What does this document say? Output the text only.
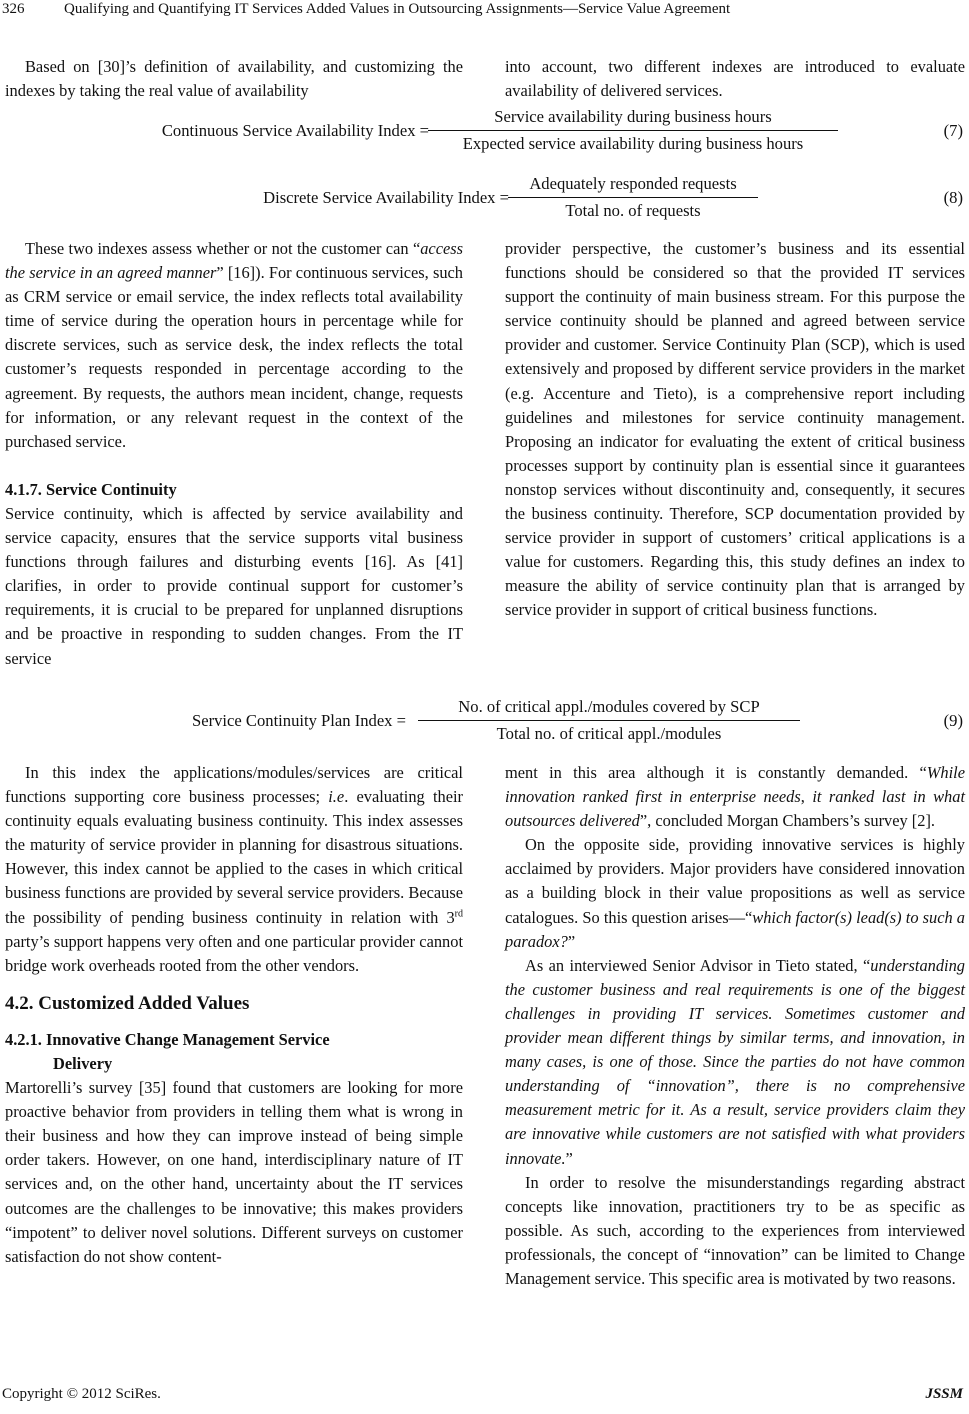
326	Qualifying and Quantifying IT Services Added Values in Outsourcing Assignments—Service Value Agreement

Based on [30]’s definition of availability, and customizing the indexes by taking the real value of availability

into account, two different indexes are introduced to evaluate availability of delivered services.

Continuous Service Availability Index =
Service availability during business hours
Expected service availability during business hours
(7)
Discrete Service Availability Index =
Adequately responded requests
Total no. of requests
(8)

These two indexes assess whether or not the customer can “access the service in an agreed manner” [16]). For continuous services, such as CRM service or email service, the index reflects total availability time of service during the operation hours in percentage while for discrete services, such as service desk, the index reflects the total customer’s requests responded in percentage according to the agreement. By requests, the authors mean incident, change, requests for information, or any relevant request in the context of the purchased service.

4.1.7. Service Continuity

Service continuity, which is affected by service availability and service capacity, ensures that the service supports vital business functions through failures and disturbing events [16]. As [41] clarifies, in order to provide continual support for customer’s requirements, it is crucial to be prepared for unplanned disruptions and be proactive in responding to sudden changes. From the IT service

provider perspective, the customer’s business and its essential functions should be considered so that the provided IT services support the continuity of main business stream. For this purpose the service continuity should be planned and agreed between service provider and customer. Service Continuity Plan (SCP), which is used extensively and proposed by different service providers in the market (e.g. Accenture and Tieto), is a comprehensive report including guidelines and milestones for service continuity management. Proposing an indicator for evaluating the extent of critical business processes support by continuity plan is essential since it guarantees nonstop services without discontinuity and, consequently, it secures the business continuity. Therefore, SCP documentation provided by service provider in support of customers’ critical applications is a value for customers. Regarding this, this study defines an index to measure the ability of service continuity plan that is arranged by service provider in support of critical business functions.

Service Continuity Plan Index =
No. of critical appl./modules covered by SCP
Total no. of critical appl./modules
(9)

In this index the applications/modules/services are critical functions supporting core business processes; i.e. evaluating their continuity equals evaluating business continuity. This index assesses the maturity of service provider in planning for disastrous situations. However, this index cannot be applied to the cases in which critical business functions are provided by several service providers. Because the possibility of pending business continuity in relation with 3rd party’s support happens very often and one particular provider cannot bridge work overheads rooted from the other vendors.

4.2. Customized Added Values

4.2.1. Innovative Change Management Service

Delivery

Martorelli’s survey [35] found that customers are looking for more proactive behavior from providers in telling them what is wrong in their business and how they can improve instead of being simple order takers. However, on one hand, interdisciplinary nature of IT services and, on the other hand, uncertainty about the IT services outcomes are the challenges to be innovative; this makes providers “impotent” to deliver novel solutions. Different surveys on customer satisfaction do not show content-

ment in this area although it is constantly demanded. “While innovation ranked first in enterprise needs, it ranked last in what outsources delivered”, concluded Morgan Chambers’s survey [2].

On the opposite side, providing innovative services is highly acclaimed by providers. Major providers have considered innovation as a building block in their value propositions as well as service catalogues. So this question arises—“which factor(s) lead(s) to such a paradox?”

As an interviewed Senior Advisor in Tieto stated, “understanding the customer business and real requirements is one of the biggest challenges in providing IT services. Sometimes customer and provider mean different things by similar terms, and innovation, in many cases, is one of those. Since the parties do not have common understanding of “innovation”, there is no comprehensive measurement metric for it. As a result, service providers claim they are innovative while customers are not satisfied with what providers innovate.”

In order to resolve the misunderstandings regarding abstract concepts like innovation, practitioners try to be as specific as possible. As such, according to the experiences from interviewed professionals, the concept of “innovation” can be limited to Change Management service. This specific area is motivated by two reasons.

Copyright © 2012 SciRes.	JSSM
